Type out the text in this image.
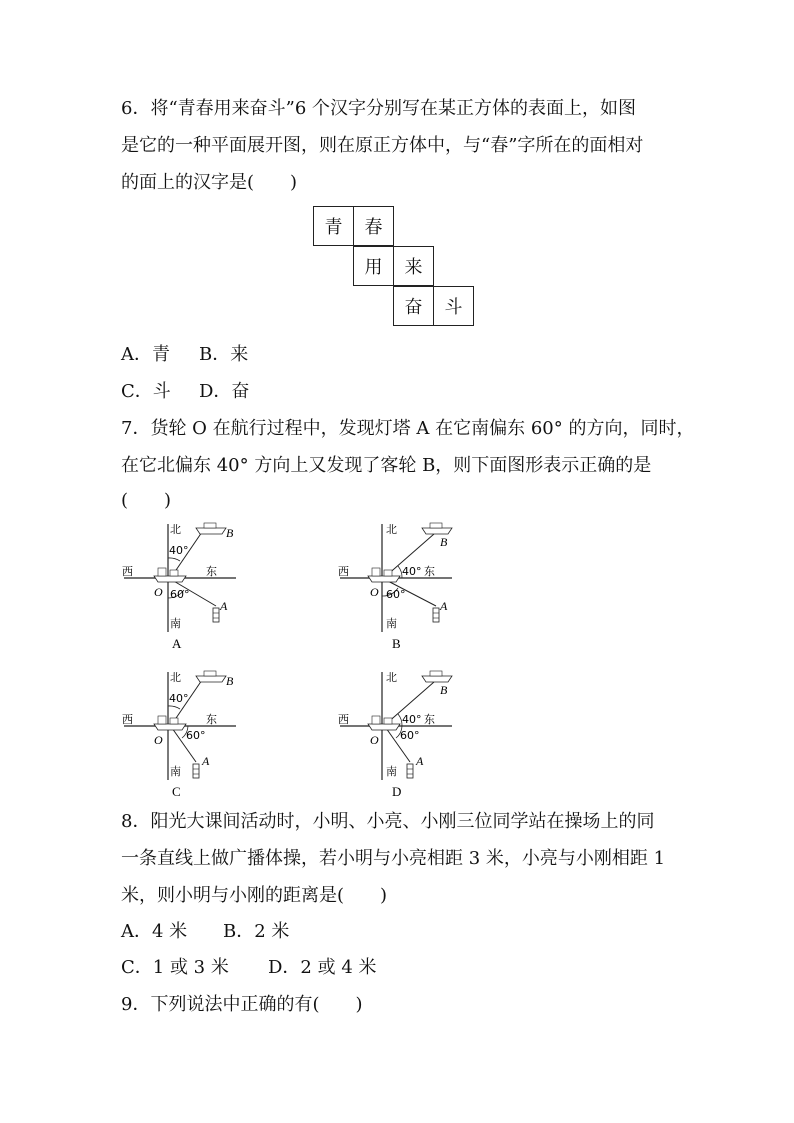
6．将“青春用来奋斗”6 个汉字分别写在某正方体的表面上，如图
是它的一种平面展开图，则在原正方体中，与“春”字所在的面相对
的面上的汉字是(　　)
青	春
用	来
奋	斗
A．青 B．来
C．斗 D．奋
7．货轮 O 在航行过程中，发现灯塔 A 在它南偏东 60° 的方向，同时，
在它北偏东 40° 方向上又发现了客轮 B，则下面图形表示正确的是
(　　)
北
南
西	东
O
B
A
40°
60°
A
北
南
西	东
O
B
A
40°
60°
B
北
南
西	东
O
B
A
40°
60°
C
北
南
西	东
O
B
A
40°
60°
D
8．阳光大课间活动时，小明、小亮、小刚三位同学站在操场上的同
一条直线上做广播体操，若小明与小亮相距 3 米，小亮与小刚相距 1
米，则小明与小刚的距离是(　　)
A．4 米 B．2 米
C．1 或 3 米 D．2 或 4 米
9．下列说法中正确的有(　　)
